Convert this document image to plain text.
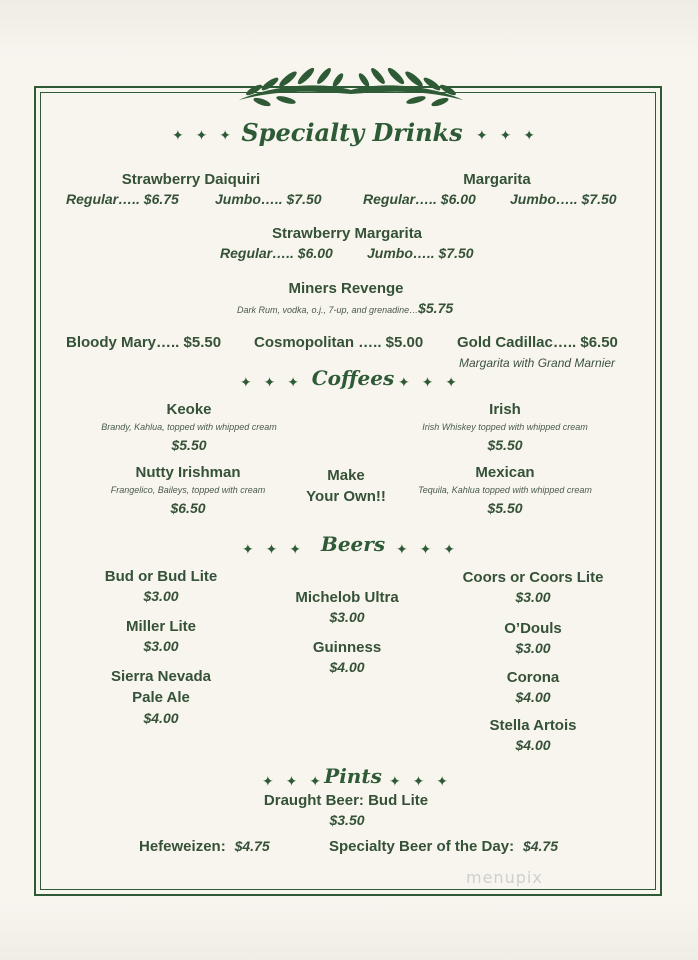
✦ ✦ ✦ Specialty Drinks ✦ ✦ ✦
Strawberry Daiquiri
Regular….. $6.75	Jumbo….. $7.50
Margarita
Regular….. $6.00 Jumbo….. $7.50
Strawberry Margarita
Regular….. $6.00 Jumbo….. $7.50
Miners Revenge
Dark Rum, vodka, o.j., 7-up, and grenadine…$5.75
Bloody Mary….. $5.50 Cosmopolitan ….. $5.00 Gold Cadillac….. $6.50
Margarita with Grand Marnier
✦ ✦ ✦ Coffees ✦ ✦ ✦
Keoke
Brandy, Kahlua, topped with whipped cream
$5.50
Irish
Irish Whiskey topped with whipped cream
$5.50
Nutty Irishman
Frangelico, Baileys, topped with cream
$6.50
Make
Your Own!!
Mexican
Tequila, Kahlua topped with whipped cream
$5.50
✦ ✦ ✦ Beers ✦ ✦ ✦
Bud or Bud Lite
$3.00
Miller Lite
$3.00
Sierra Nevada
Pale Ale
$4.00
Michelob Ultra
$3.00
Guinness
$4.00
Coors or Coors Lite
$3.00
O’Douls
$3.00
Corona
$4.00
Stella Artois
$4.00
✦ ✦ ✦ Pints ✦ ✦ ✦
Draught Beer: Bud Lite
$3.50
Hefeweizen: $4.75	Specialty Beer of the Day: $4.75
menupix
